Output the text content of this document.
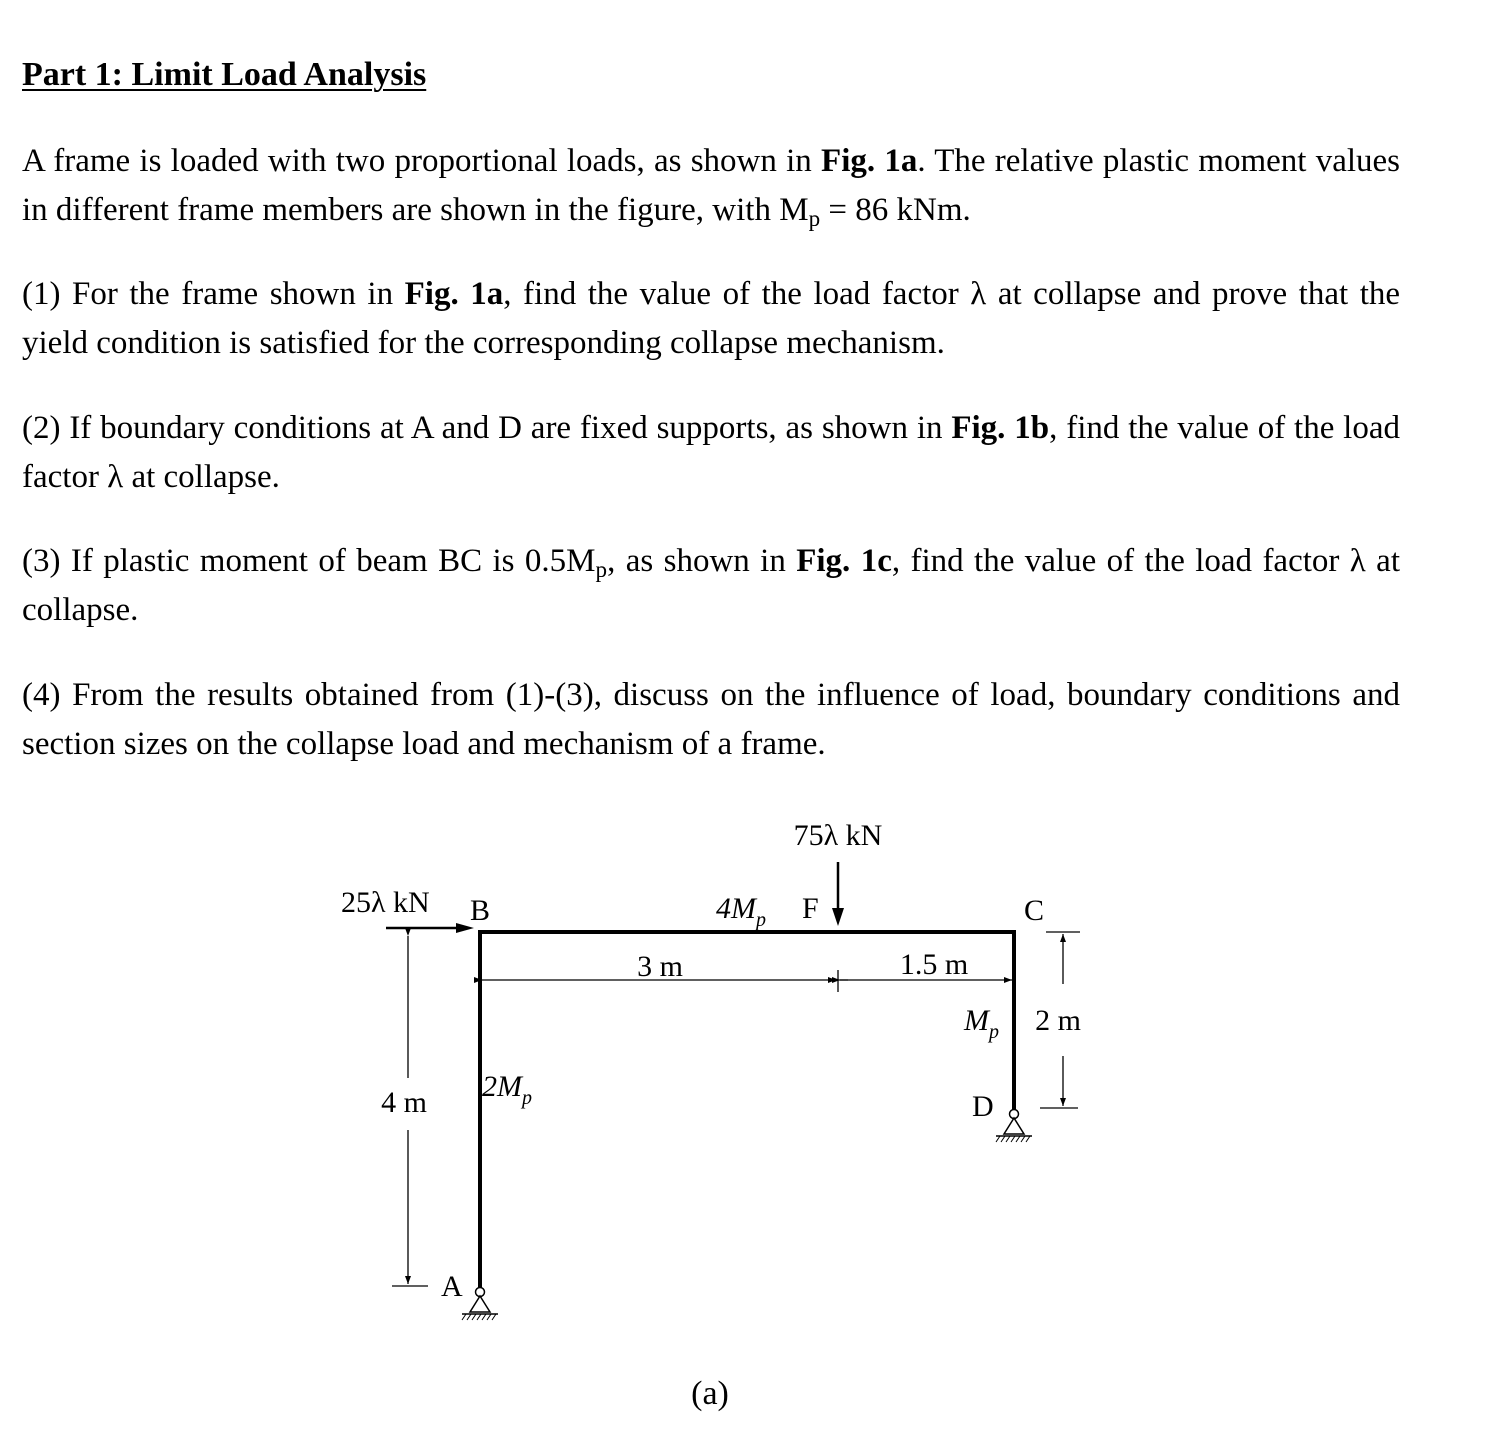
Part 1: Limit Load Analysis

A frame is loaded with two proportional loads, as shown in Fig. 1a. The relative plastic moment values in different frame members are shown in the figure, with $M_p = 86$ kNm.

(1) For the frame shown in Fig. 1a, find the value of the load factor λ at collapse and prove that the yield condition is satisfied for the corresponding collapse mechanism.

(2) If boundary conditions at A and D are fixed supports, as shown in Fig. 1b, find the value of the load factor λ at collapse.

(3) If plastic moment of beam BC is $0.5M_p$, as shown in Fig. 1c, find the value of the load factor λ at collapse.

(4) From the results obtained from (1)-(3), discuss on the influence of load, boundary conditions and section sizes on the collapse load and mechanism of a frame.

75λ kN
25λ kN B	C
F
A
D
$4M_p$
$2M_p$
$M_p$
3 m	1.5 m
4 m
2 m
(a)
